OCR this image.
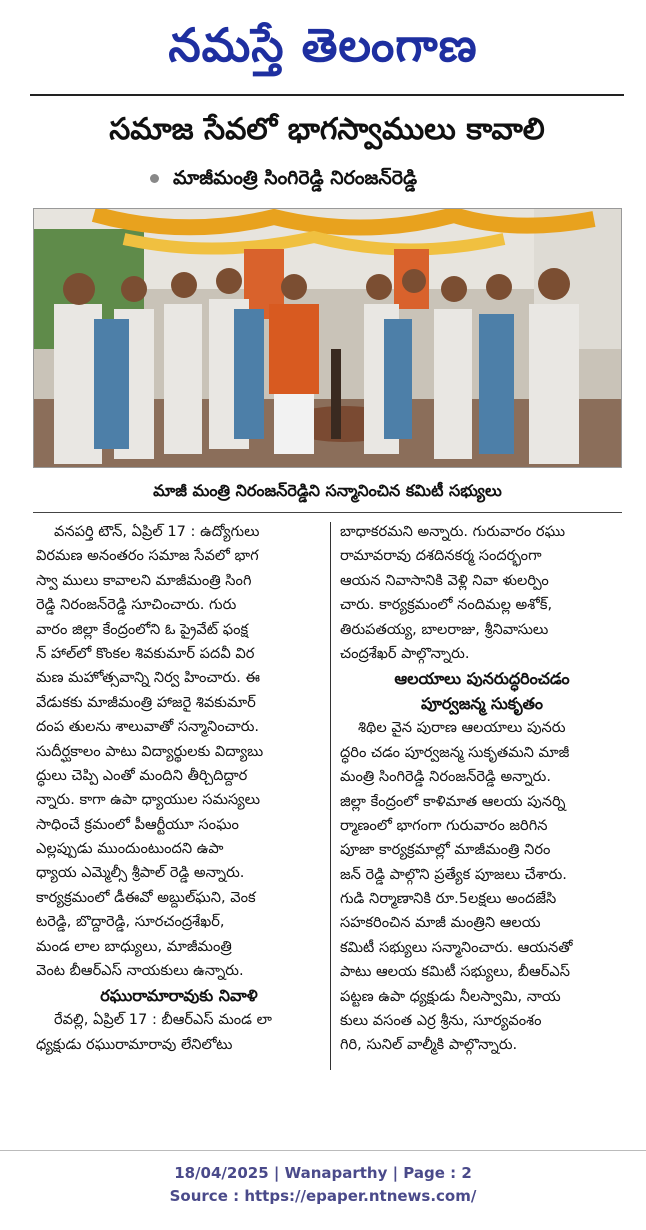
నమస్తే తెలంగాణ
సమాజ సేవలో భాగస్వాములు కావాలి
మాజీమంత్రి సింగిరెడ్డి నిరంజన్‌రెడ్డి
మాజీ మంత్రి నిరంజన్‌రెడ్డిని సన్మానించిన కమిటీ సభ్యులు
వనపర్తి టౌన్, ఏప్రిల్ 17 : ఉద్యోగులు
విరమణ అనంతరం సమాజ సేవలో భాగ
స్వా ములు కావాలని మాజీమంత్రి సింగి
రెడ్డి నిరంజన్‌రెడ్డి సూచించారు. గురు
వారం జిల్లా కేంద్రంలోని ఓ ప్రైవేట్ ఫంక్ష
న్ హాల్‌లో కొంకల శివకుమార్ పదవీ విర
మణ మహోత్సవాన్ని నిర్వ హించారు. ఈ
వేడుకకు మాజీమంత్రి హాజరై శివకుమార్
దంప తులను శాలువాతో సన్మానించారు.
సుదీర్ఘకాలం పాటు విద్యార్థులకు విద్యాబు
ద్ధులు చెప్పి ఎంతో మందిని తీర్చిదిద్దార
న్నారు. కాగా ఉపా ధ్యాయుల సమస్యలు
సాధించే క్రమంలో పీఆర్టీయూ సంఘం
ఎల్లప్పుడు ముందుంటుందని ఉపా
ధ్యాయ ఎమ్మెల్సీ శ్రీపాల్ రెడ్డి అన్నారు.
కార్యక్రమంలో డీఈవో అబ్దుల్‌ఘని, వెంక
టరెడ్డి, బొద్దారెడ్డి, సూరచంద్రశేఖర్,
మండ లాల బాధ్యులు, మాజీమంత్రి
వెంట బీఆర్‌ఎస్ నాయకులు ఉన్నారు.
రఘురామారావుకు నివాళి
రేవల్లి, ఏప్రిల్ 17 : బీఆర్‌ఎస్ మండ లా
ధ్యక్షుడు రఘురామారావు లేనిలోటు
బాధాకరమని అన్నారు. గురువారం రఘు
రామావరావు దశదినకర్మ సందర్భంగా
ఆయన నివాసానికి వెళ్లి నివా ళులర్పిం
చారు. కార్యక్రమంలో నందిమల్ల అశోక్,
తిరుపతయ్య, బాలరాజు, శ్రీనివాసులు
చంద్రశేఖర్ పాల్గొన్నారు.
ఆలయాలు పునరుద్ధరించడం
పూర్వజన్మ సుకృతం
శిథిల వైన పురాణ ఆలయాలు పునరు
ద్ధరిం చడం పూర్వజన్మ సుకృతమని మాజీ
మంత్రి సింగిరెడ్డి నిరంజన్‌రెడ్డి అన్నారు.
జిల్లా కేంద్రంలో కాళిమాత ఆలయ పునర్ని
ర్మాణంలో భాగంగా గురువారం జరిగిన
పూజా కార్యక్రమాల్లో మాజీమంత్రి నిరం
జన్ రెడ్డి పాల్గొని ప్రత్యేక పూజలు చేశారు.
గుడి నిర్మాణానికి రూ.5లక్షలు అందజేసి
సహకరించిన మాజీ మంత్రిని ఆలయ
కమిటీ సభ్యులు సన్మానించారు. ఆయనతో
పాటు ఆలయ కమిటీ సభ్యులు, బీఆర్‌ఎస్
పట్టణ ఉపా ధ్యక్షుడు నీలస్వామి, నాయ
కులు వసంత ఎర్ర శ్రీను, సూర్యవంశం
గిరి, సునిల్ వాల్మీకి పాల్గొన్నారు.
18/04/2025 | Wanaparthy | Page : 2
Source : https://epaper.ntnews.com/
